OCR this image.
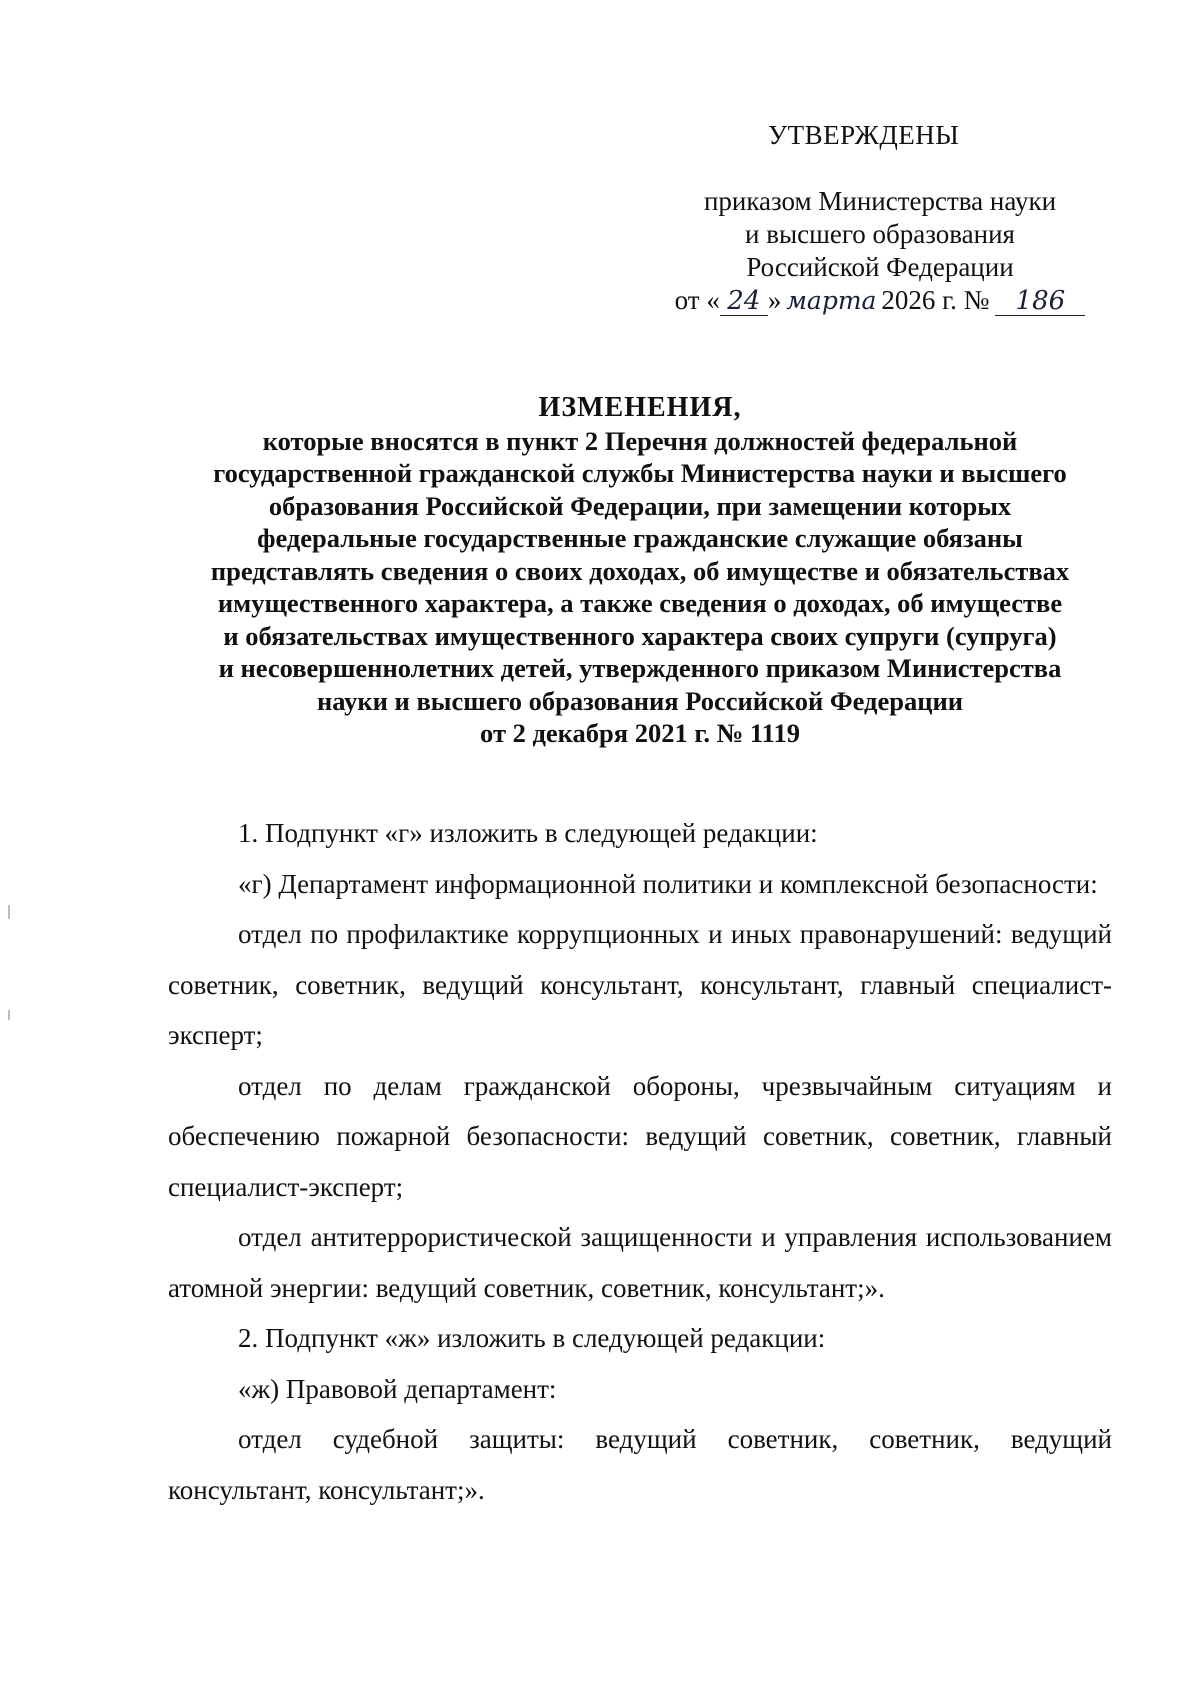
УТВЕРЖДЕНЫ
приказом Министерства науки
и высшего образования
Российской Федерации
от « 24 » марта 2026 г. № 186
ИЗМЕНЕНИЯ,
которые вносятся в пункт 2 Перечня должностей федеральной
государственной гражданской службы Министерства науки и высшего
образования Российской Федерации, при замещении которых
федеральные государственные гражданские служащие обязаны
представлять сведения о своих доходах, об имуществе и обязательствах
имущественного характера, а также сведения о доходах, об имуществе
и обязательствах имущественного характера своих супруги (супруга)
и несовершеннолетних детей, утвержденного приказом Министерства
науки и высшего образования Российской Федерации
от 2 декабря 2021 г. № 1119

1. Подпункт «г» изложить в следующей редакции:

«г) Департамент информационной политики и комплексной безопасности:

отдел по профилактике коррупционных и иных правонарушений: ведущий советник, советник, ведущий консультант, консультант, главный специалист-эксперт;

отдел по делам гражданской обороны, чрезвычайным ситуациям и обеспечению пожарной безопасности: ведущий советник, советник, главный специалист-эксперт;

отдел антитеррористической защищенности и управления использованием атомной энергии: ведущий советник, советник, консультант;».

2. Подпункт «ж» изложить в следующей редакции:

«ж) Правовой департамент:

отдел судебной защиты: ведущий советник, советник, ведущий консультант, консультант;».
